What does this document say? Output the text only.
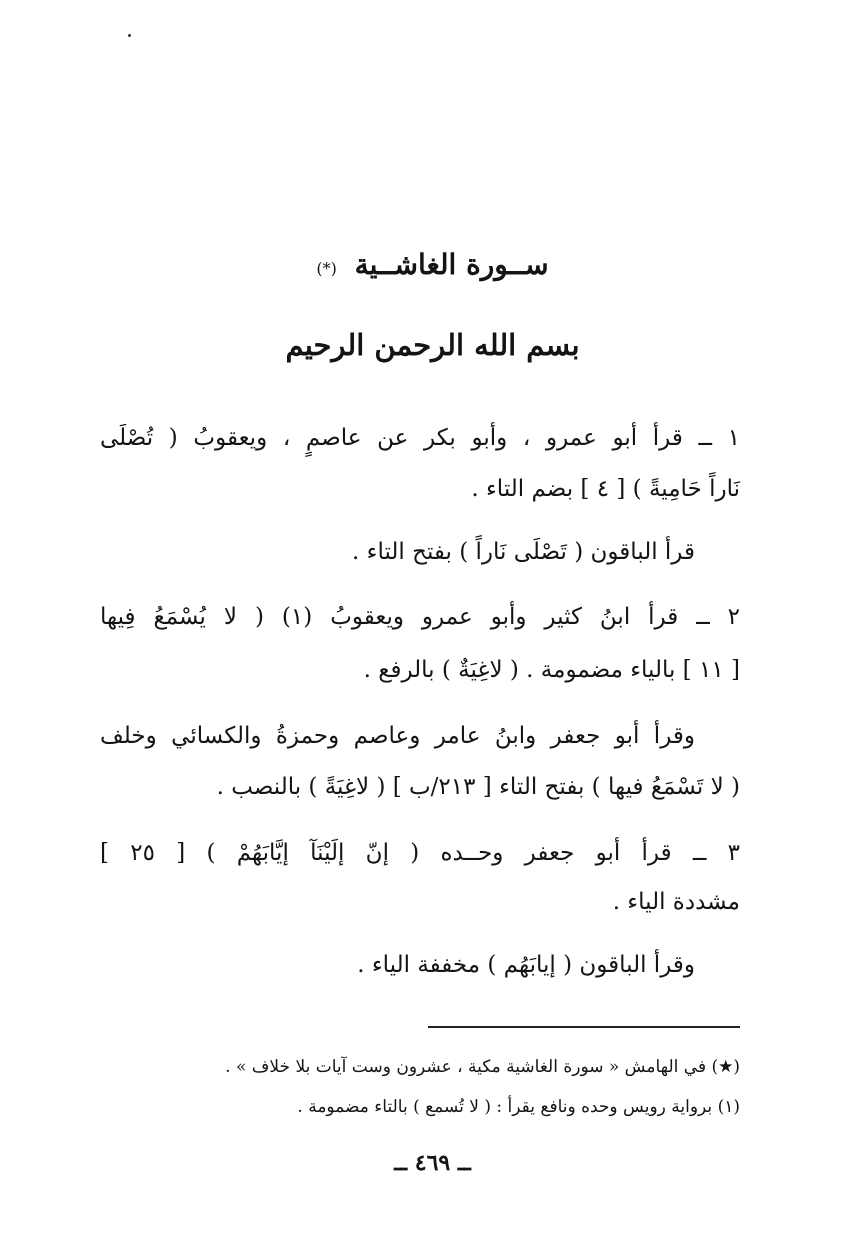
ســورة الغاشــية (*)
بسم الله الرحمن الرحيم
١ ــ قرأ أبو عمرو ، وأبو بكر عن عاصمٍ ، ويعقوبُ ( تُصْلَى
نَاراً حَامِيةً ) [ ٤ ] بضم التاء .
قرأ الباقون ( تَصْلَى نَاراً ) بفتح التاء .
٢ ــ قرأ ابنُ كثير وأبو عمرو ويعقوبُ (١) ( لا يُسْمَعُ فِيها
[ ١١ ] بالياء مضمومة . ( لاغِيَةٌ ) بالرفع .
وقرأ أبو جعفر وابنُ عامر وعاصم وحمزةُ والكسائي وخلف
( لا تَسْمَعُ فيها ) بفتح التاء [ ٢١٣/ب ] ( لاغِيَةً ) بالنصب .
٣ ــ قرأ أبو جعفر وحــده ( إنّ إلَيْنَآ إيَّابَهُمْ ) [ ٢٥ ]
مشددة الياء .
وقرأ الباقون ( إيابَهُم ) مخففة الياء .
(★) في الهامش « سورة الغاشية مكية ، عشرون وست آيات بلا خلاف » .
(١) برواية رويس وحده ونافع يقرأ : ( لا تُسمع ) بالتاء مضمومة .
ــ ٤٦٩ ــ
